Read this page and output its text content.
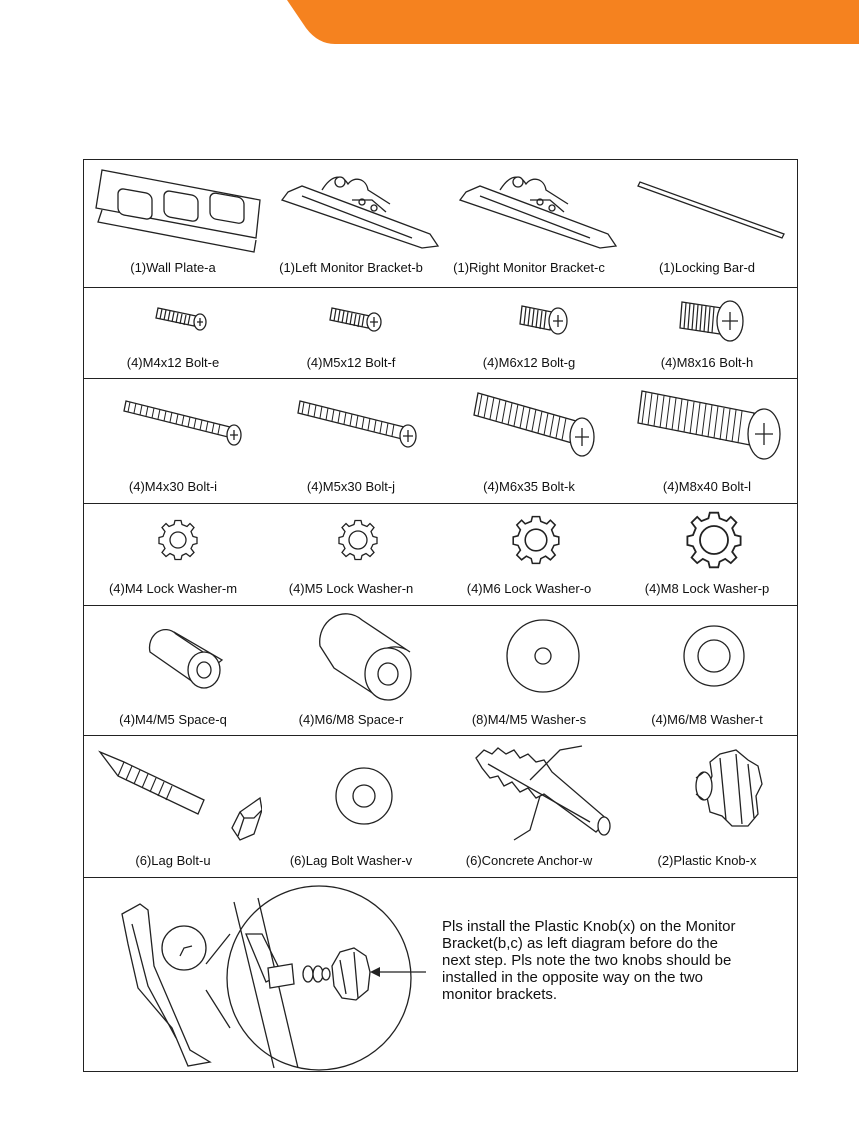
(1)Wall Plate-a	(1)Left Monitor Bracket-b	(1)Right Monitor Bracket-c	(1)Locking Bar-d
(4)M4x12 Bolt-e	(4)M5x12 Bolt-f	(4)M6x12 Bolt-g	(4)M8x16 Bolt-h
(4)M4x30 Bolt-i	(4)M5x30 Bolt-j	(4)M6x35 Bolt-k	(4)M8x40 Bolt-l
(4)M4 Lock Washer-m	(4)M5 Lock Washer-n	(4)M6 Lock Washer-o	(4)M8 Lock Washer-p
(4)M4/M5 Space-q	(4)M6/M8 Space-r	(8)M4/M5 Washer-s	(4)M6/M8 Washer-t
(6)Lag Bolt-u	(6)Lag Bolt Washer-v	(6)Concrete Anchor-w	(2)Plastic Knob-x
Pls install the Plastic Knob(x) on the Monitor
Bracket(b,c) as left diagram before do the
next step. Pls note the two knobs should be
installed in the opposite way on the two
monitor brackets.
